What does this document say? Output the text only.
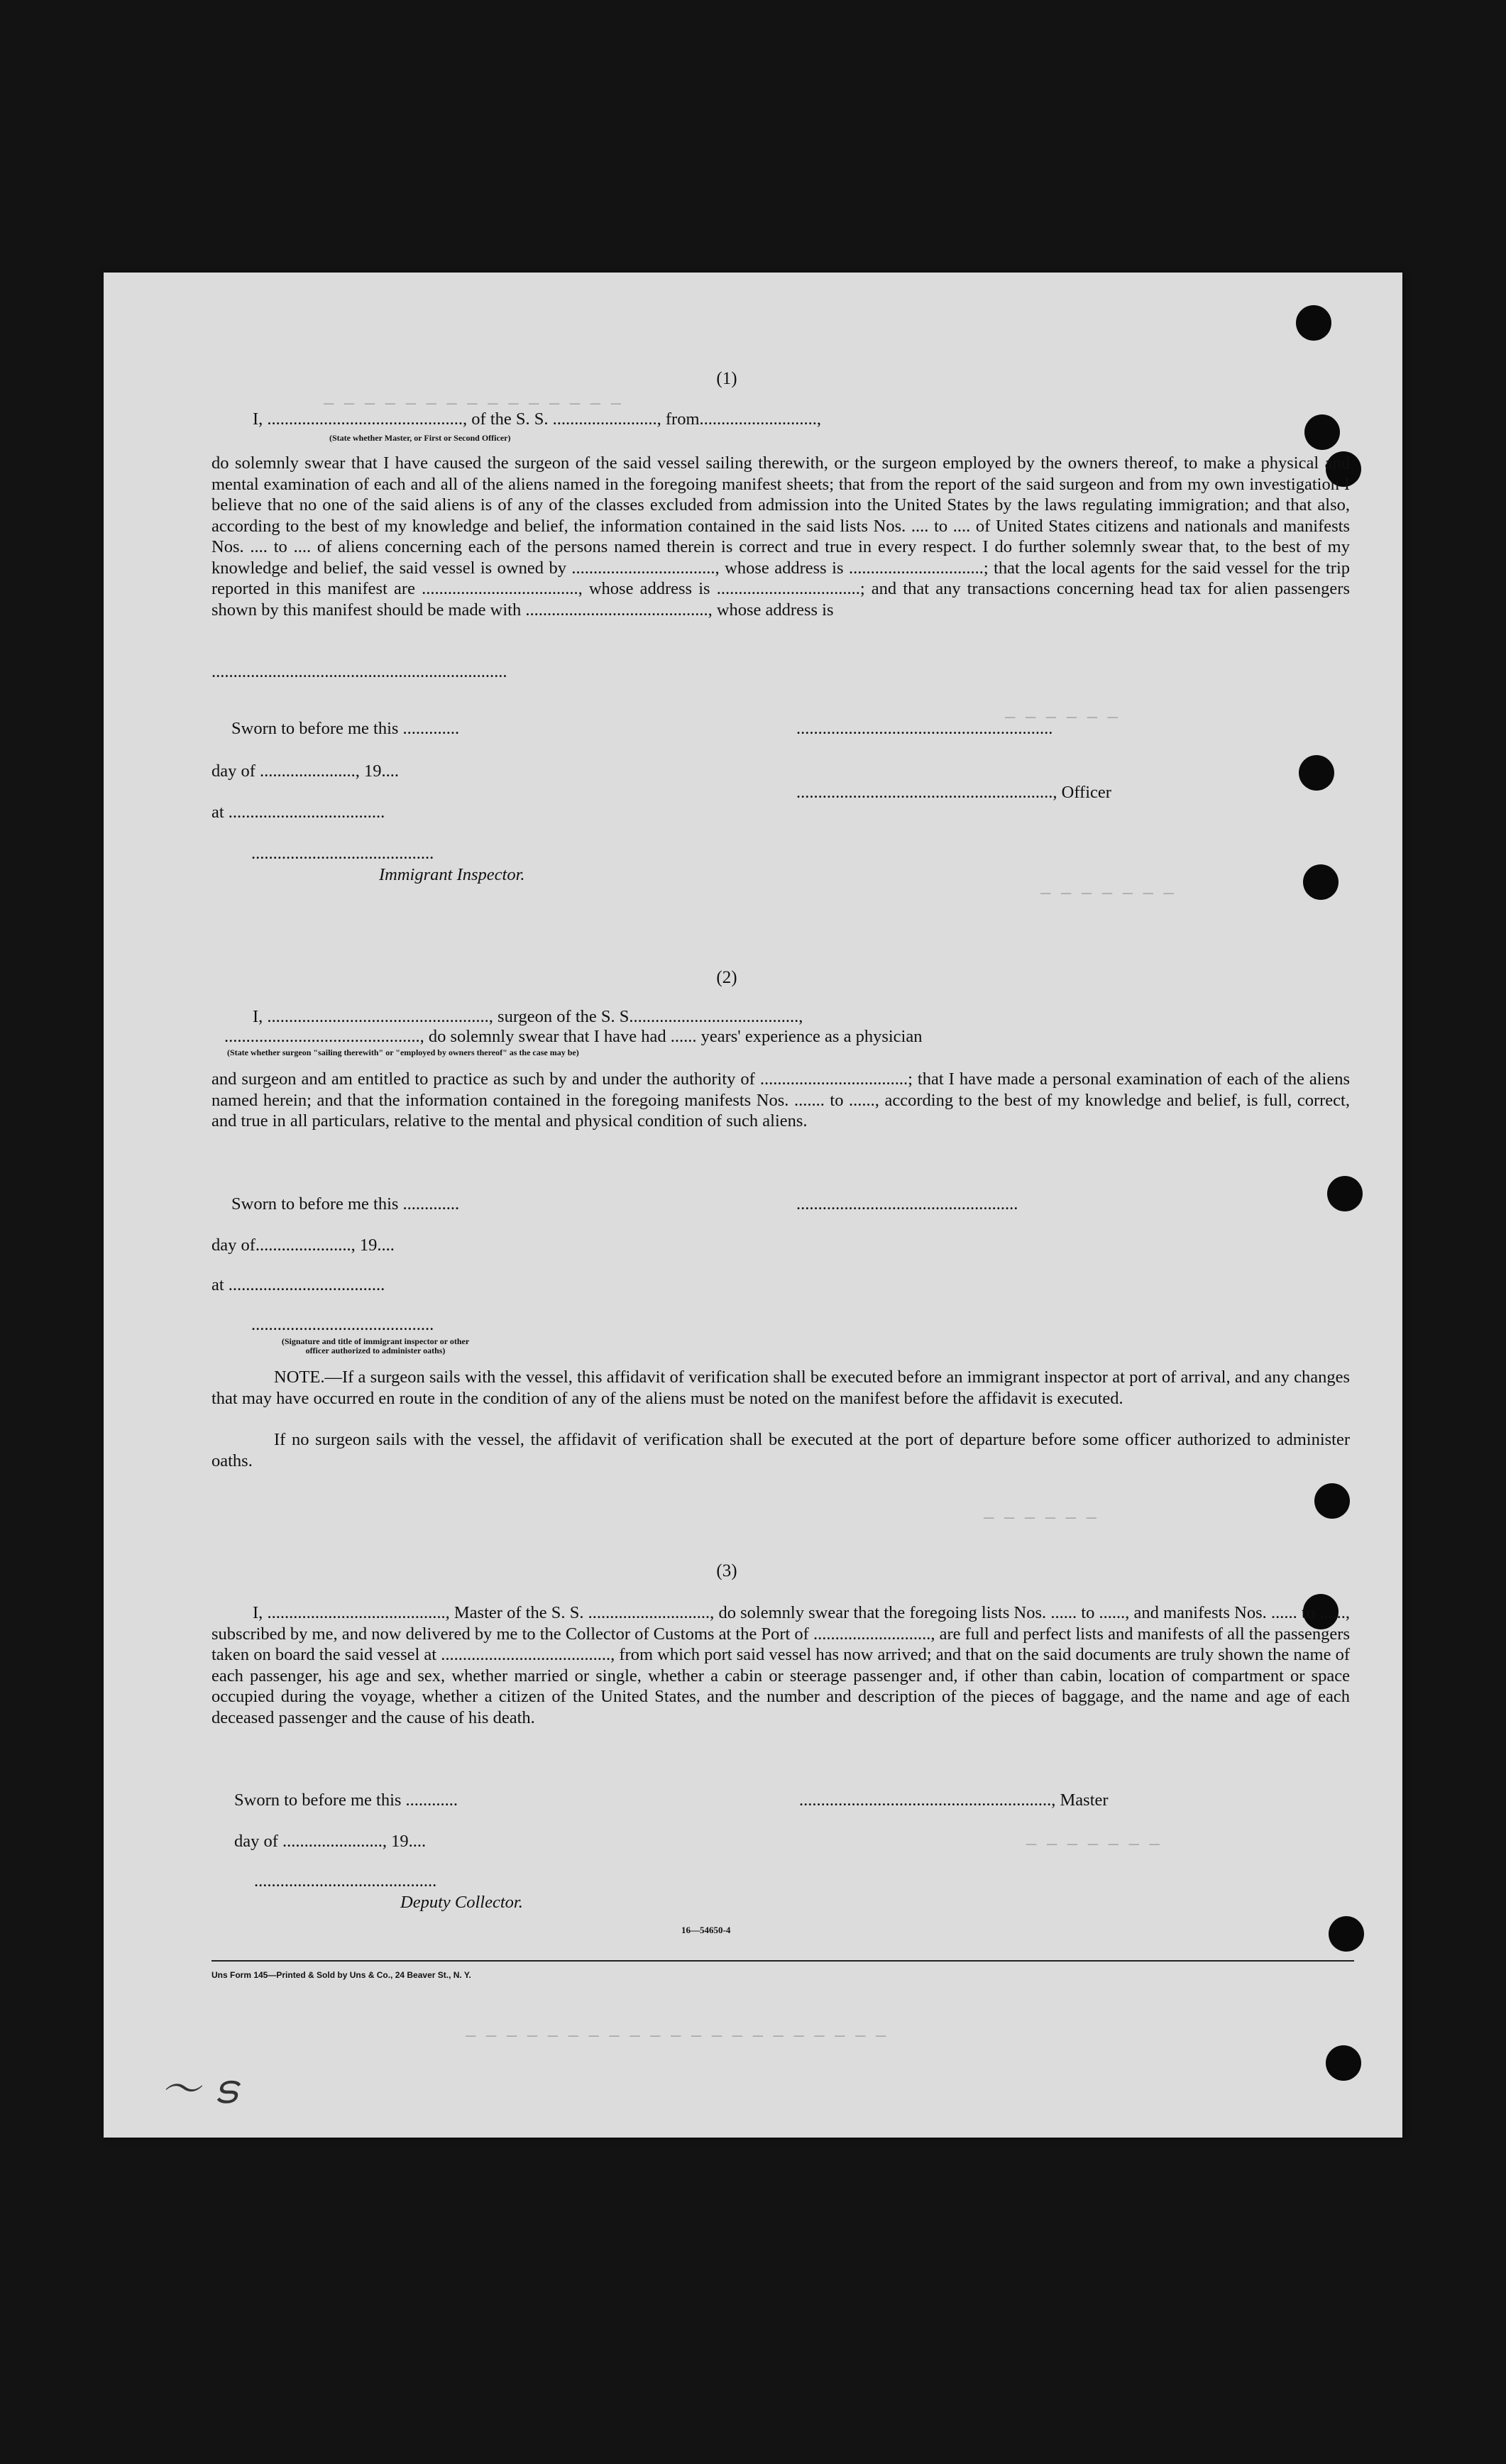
— — — — — — — — — — — — — — —
— — — — — —
— — — — — — —
— — — — — —
— — — — — — —
— — — — — — — — — — — — — — — — — — — — —
(1)
I, ............................................., of the S. S. ........................, from...........................,
(State whether Master, or First or Second Officer)
do solemnly swear that I have caused the surgeon of the said vessel sailing therewith, or the surgeon employed by the owners thereof, to make a physical and mental examination of each and all of the aliens named in the foregoing manifest sheets; that from the report of the said surgeon and from my own investigation I believe that no one of the said aliens is of any of the classes excluded from admission into the United States by the laws regulating immigration; and that also, according to the best of my knowledge and belief, the information contained in the said lists Nos. .... to .... of United States citizens and nationals and manifests Nos. .... to .... of aliens concerning each of the persons named therein is correct and true in every respect. I do further solemnly swear that, to the best of my knowledge and belief, the said vessel is owned by ................................., whose address is ...............................; that the local agents for the said vessel for the trip reported in this manifest are ...................................., whose address is .................................; and that any transactions concerning head tax for alien passengers shown by this manifest should be made with .........................................., whose address is
....................................................................
Sworn to before me this .............	...........................................................
day of ......................, 19....
..........................................................., Officer
at ....................................
..........................................
Immigrant Inspector.
(2)
I, ..................................................., surgeon of the S. S.......................................,
............................................., do solemnly swear that I have had ...... years' experience as a physician
(State whether surgeon "sailing therewith" or "employed by owners thereof" as the case may be)
and surgeon and am entitled to practice as such by and under the authority of ..................................; that I have made a personal examination of each of the aliens named herein; and that the information contained in the foregoing manifests Nos. ....... to ......, according to the best of my knowledge and belief, is full, correct, and true in all particulars, relative to the mental and physical condition of such aliens.
Sworn to before me this .............	...................................................
day of......................, 19....
at ....................................
..........................................
(Signature and title of immigrant inspector or other officer authorized to administer oaths)
NOTE.—If a surgeon sails with the vessel, this affidavit of verification shall be executed before an immigrant inspector at port of arrival, and any changes that may have occurred en route in the condition of any of the aliens must be noted on the manifest before the affidavit is executed.
If no surgeon sails with the vessel, the affidavit of verification shall be executed at the port of departure before some officer authorized to administer oaths.
(3)
I, ........................................., Master of the S. S. ............................, do solemnly swear that the foregoing lists Nos. ...... to ......, and manifests Nos. ...... to ......, subscribed by me, and now delivered by me to the Collector of Customs at the Port of ..........................., are full and perfect lists and manifests of all the passengers taken on board the said vessel at ......................................., from which port said vessel has now arrived; and that on the said documents are truly shown the name of each passenger, his age and sex, whether married or single, whether a cabin or steerage passenger and, if other than cabin, location of compartment or space occupied during the voyage, whether a citizen of the United States, and the number and description of the pieces of baggage, and the name and age of each deceased passenger and the cause of his death.
Sworn to before me this ............	.........................................................., Master
day of ......................., 19....
..........................................
Deputy Collector.
16—54650-4
Uns Form 145—Printed & Sold by Uns & Co., 24 Beaver St., N. Y.
〜 ട
